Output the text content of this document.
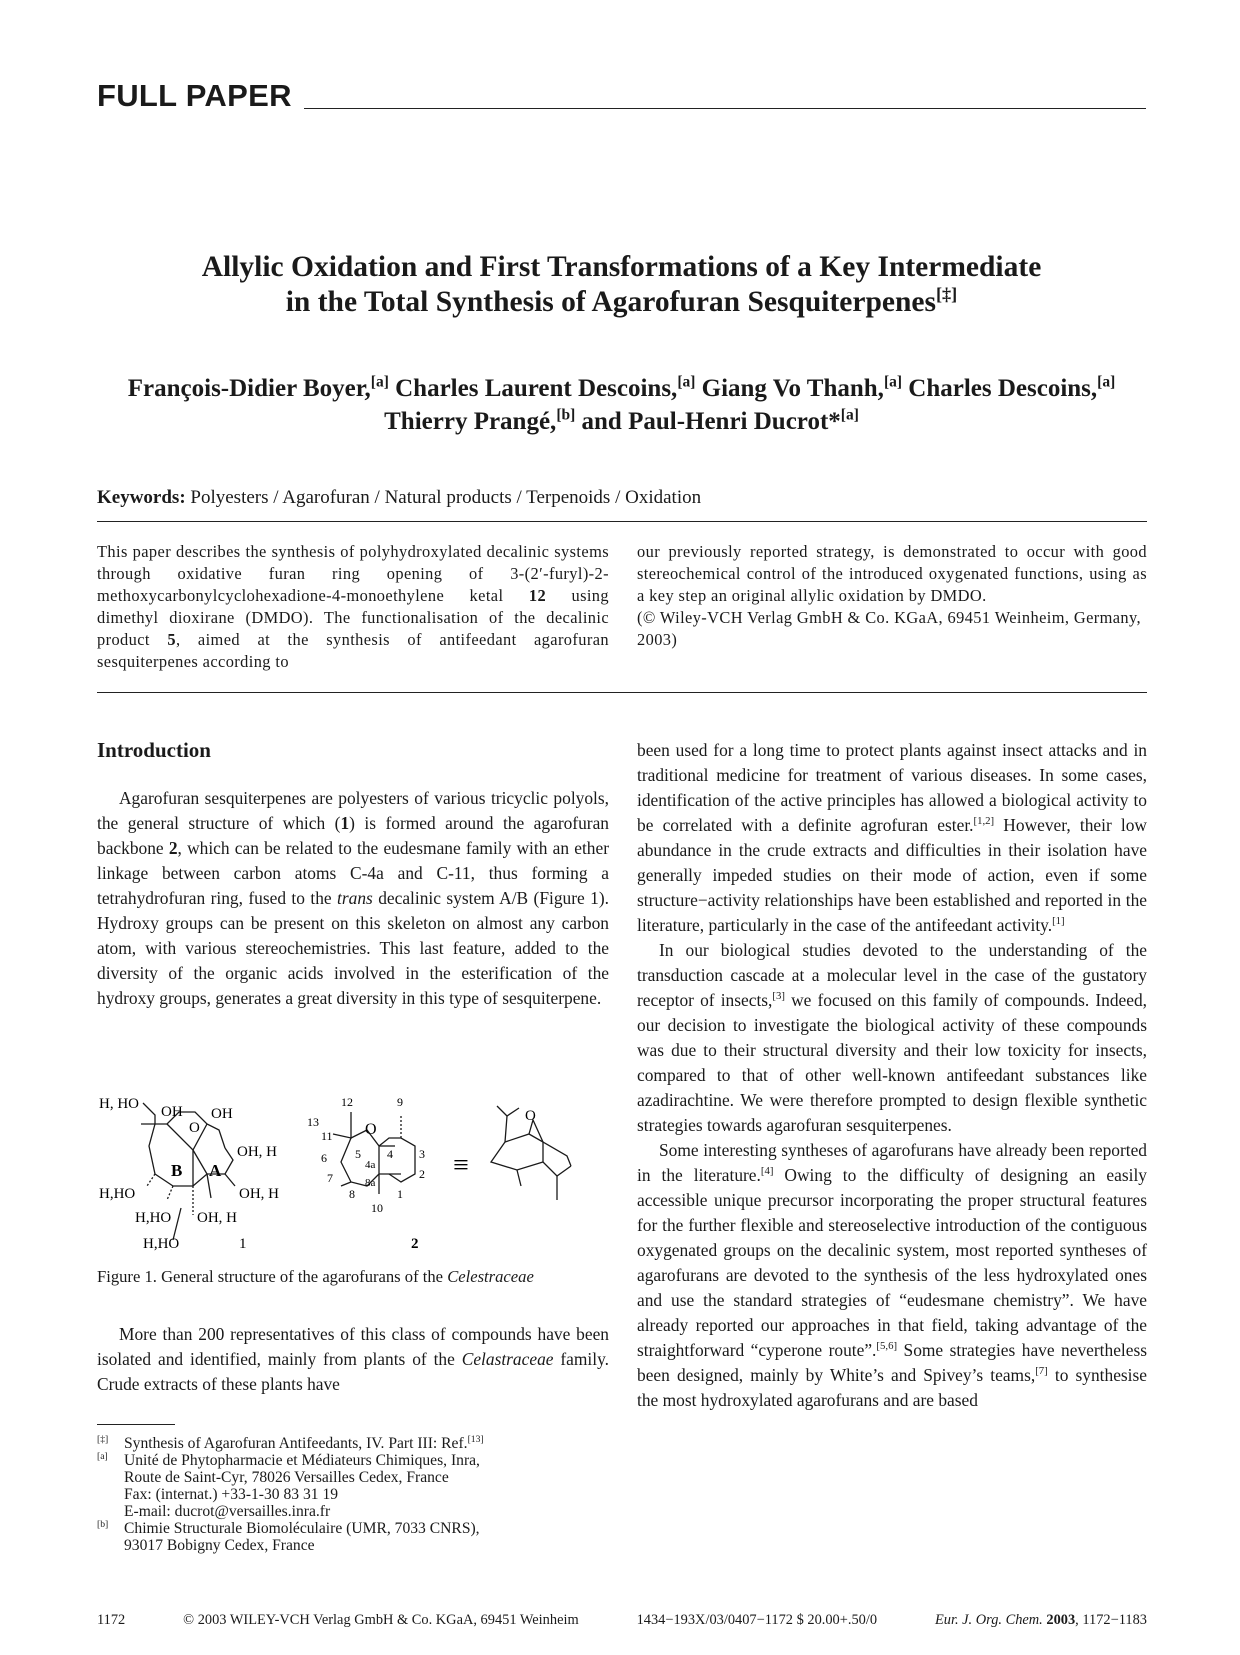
FULL PAPER
Allylic Oxidation and First Transformations of a Key Intermediate
in the Total Synthesis of Agarofuran Sesquiterpenes[‡]
François-Didier Boyer,[a] Charles Laurent Descoins,[a] Giang Vo Thanh,[a] Charles Descoins,[a]
Thierry Prangé,[b] and Paul-Henri Ducrot*[a]
Keywords: Polyesters / Agarofuran / Natural products / Terpenoids / Oxidation
This paper describes the synthesis of polyhydroxylated decalinic systems through oxidative furan ring opening of 3-(2′-furyl)-2-methoxycarbonylcyclohexadione-4-monoethylene ketal 12 using dimethyl dioxirane (DMDO). The functionalisation of the decalinic product 5, aimed at the synthesis of antifeedant agarofuran sesquiterpenes according to
our previously reported strategy, is demonstrated to occur with good stereochemical control of the introduced oxygenated functions, using as a key step an original allylic oxidation by DMDO.
(© Wiley-VCH Verlag GmbH & Co. KGaA, 69451 Weinheim, Germany, 2003)
Introduction

Agarofuran sesquiterpenes are polyesters of various tricyclic polyols, the general structure of which (1) is formed around the agarofuran backbone 2, which can be related to the eudesmane family with an ether linkage between carbon atoms C-4a and C-11, thus forming a tetrahydrofuran ring, fused to the trans decalinic system A/B (Figure 1). Hydroxy groups can be present on this skeleton on almost any carbon atom, with various stereochemistries. This last feature, added to the diversity of the organic acids involved in the esterification of the hydroxy groups, generates a great diversity in this type of sesquiterpene.

H, HO OH
O
OH
OH, H
B A
H,HO	OH, H
H,HO OH, H
H,HO	1
12	9
13
11 O
6 5
4a
4 3
7	8a
2
8	1
10
2
≡
O
Figure 1. General structure of the agarofurans of the Celestraceae

More than 200 representatives of this class of compounds have been isolated and identified, mainly from plants of the Celastraceae family. Crude extracts of these plants have

[‡]	Synthesis of Agarofuran Antifeedants, IV. Part III: Ref.[13]
[a]	Unité de Phytopharmacie et Médiateurs Chimiques, Inra,
Route de Saint-Cyr, 78026 Versailles Cedex, France
Fax: (internat.) +33-1-30 83 31 19
E-mail: ducrot@versailles.inra.fr
[b]	Chimie Structurale Biomoléculaire (UMR, 7033 CNRS),
93017 Bobigny Cedex, France

been used for a long time to protect plants against insect attacks and in traditional medicine for treatment of various diseases. In some cases, identification of the active principles has allowed a biological activity to be correlated with a definite agrofuran ester.[1,2] However, their low abundance in the crude extracts and difficulties in their isolation have generally impeded studies on their mode of action, even if some structure−activity relationships have been established and reported in the literature, particularly in the case of the antifeedant activity.[1]

In our biological studies devoted to the understanding of the transduction cascade at a molecular level in the case of the gustatory receptor of insects,[3] we focused on this family of compounds. Indeed, our decision to investigate the biological activity of these compounds was due to their structural diversity and their low toxicity for insects, compared to that of other well-known antifeedant substances like azadirachtine. We were therefore prompted to design flexible synthetic strategies towards agarofuran sesquiterpenes.

Some interesting syntheses of agarofurans have already been reported in the literature.[4] Owing to the difficulty of designing an easily accessible unique precursor incorporating the proper structural features for the further flexible and stereoselective introduction of the contiguous oxygenated groups on the decalinic system, most reported syntheses of agarofurans are devoted to the synthesis of the less hydroxylated ones and use the standard strategies of “eudesmane chemistry”. We have already reported our approaches in that field, taking advantage of the straightforward “cyperone route”.[5,6] Some strategies have nevertheless been designed, mainly by White’s and Spivey’s teams,[7] to synthesise the most hydroxylated agarofurans and are based

1172	© 2003 WILEY-VCH Verlag GmbH & Co. KGaA, 69451 Weinheim	1434−193X/03/0407−1172 $ 20.00+.50/0	Eur. J. Org. Chem. 2003, 1172−1183
